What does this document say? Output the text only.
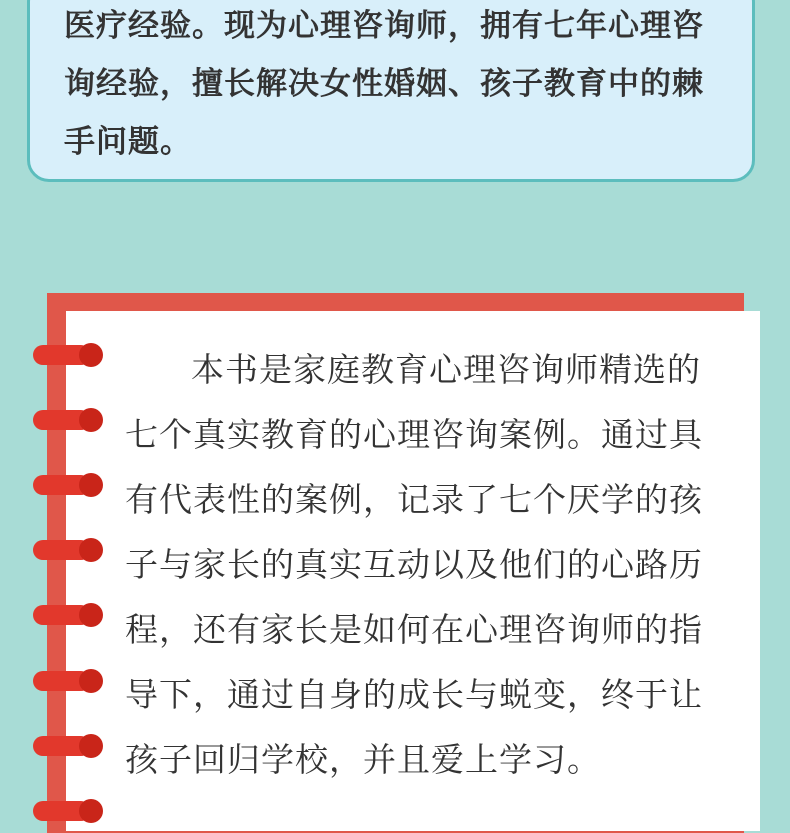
医疗经验。现为心理咨询师，拥有七年心理咨询经验，擅长解决女性婚姻、孩子教育中的棘手问题。

本书是家庭教育心理咨询师精选的七个真实教育的心理咨询案例。通过具有代表性的案例，记录了七个厌学的孩子与家长的真实互动以及他们的心路历程，还有家长是如何在心理咨询师的指导下，通过自身的成长与蜕变，终于让孩子回归学校，并且爱上学习。
